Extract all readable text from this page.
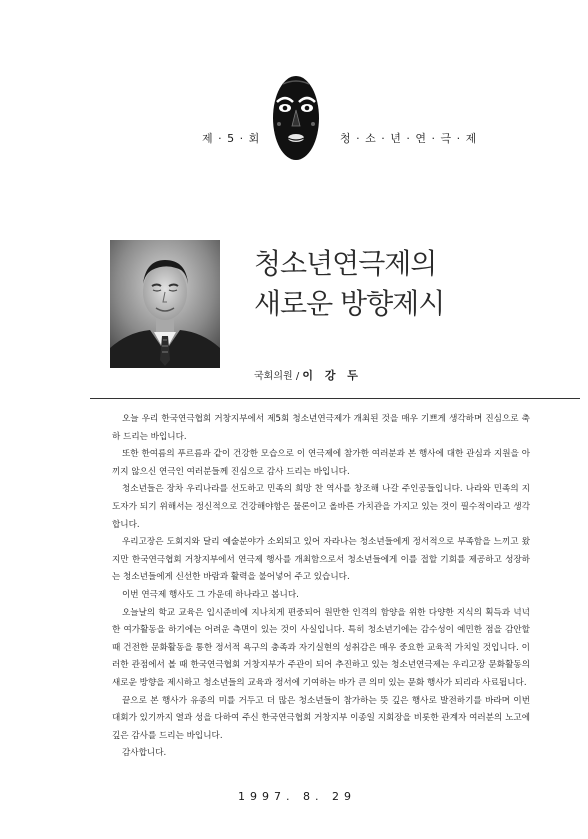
제 · 5 · 회	청 · 소 · 년 · 연 · 극 · 제
청소년연극제의
새로운 방향제시
국회의원 / 이 강 두

오늘 우리 한국연극협회 거창지부에서 제5회 청소년연극제가 개최된 것을 매우 기쁘게 생각하며 진심으로 축하 드리는 바입니다.

또한 한여름의 푸르름과 같이 건강한 모습으로 이 연극제에 참가한 여러분과 본 행사에 대한 관심과 지원을 아끼지 않으신 연극인 여러분들께 진심으로 감사 드리는 바입니다.

청소년들은 장차 우리나라를 선도하고 민족의 희망 찬 역사를 창조해 나갈 주인공들입니다. 나라와 민족의 지도자가 되기 위해서는 정신적으로 건강해야함은 물론이고 올바른 가치관을 가지고 있는 것이 필수적이라고 생각합니다.

우리고장은 도회지와 달리 예술분야가 소외되고 있어 자라나는 청소년들에게 정서적으로 부족함을 느끼고 왔지만 한국연극협회 거창지부에서 연극제 행사를 개최함으로서 청소년들에게 이를 접할 기회를 제공하고 성장하는 청소년들에게 신선한 바람과 활력을 불어넣어 주고 있습니다.

이번 연극제 행사도 그 가운데 하나라고 봅니다.

오늘날의 학교 교육은 입시준비에 지나치게 편중되어 원만한 인격의 함양을 위한 다양한 지식의 획득과 넉넉한 여가활동을 하기에는 어려운 측면이 있는 것이 사실입니다. 특히 청소년기에는 감수성이 예민한 점을 감안할 때 건전한 문화활동을 통한 정서적 욕구의 충족과 자기실현의 성취감은 매우 중요한 교육적 가치일 것입니다. 이러한 관점에서 볼 때 한국연극협회 거창지부가 주관이 되어 추진하고 있는 청소년연극제는 우리고장 문화활동의 새로운 방향을 제시하고 청소년들의 교육과 정서에 기여하는 바가 큰 의미 있는 문화 행사가 되리라 사료됩니다.

끝으로 본 행사가 유종의 미를 거두고 더 많은 청소년들이 참가하는 뜻 깊은 행사로 발전하기를 바라며 이번 대회가 있기까지 열과 성을 다하여 주신 한국연극협회 거창지부 이종일 지회장을 비롯한 관계자 여러분의 노고에 깊은 감사를 드리는 바입니다.

감사합니다.

1997. 8. 29
